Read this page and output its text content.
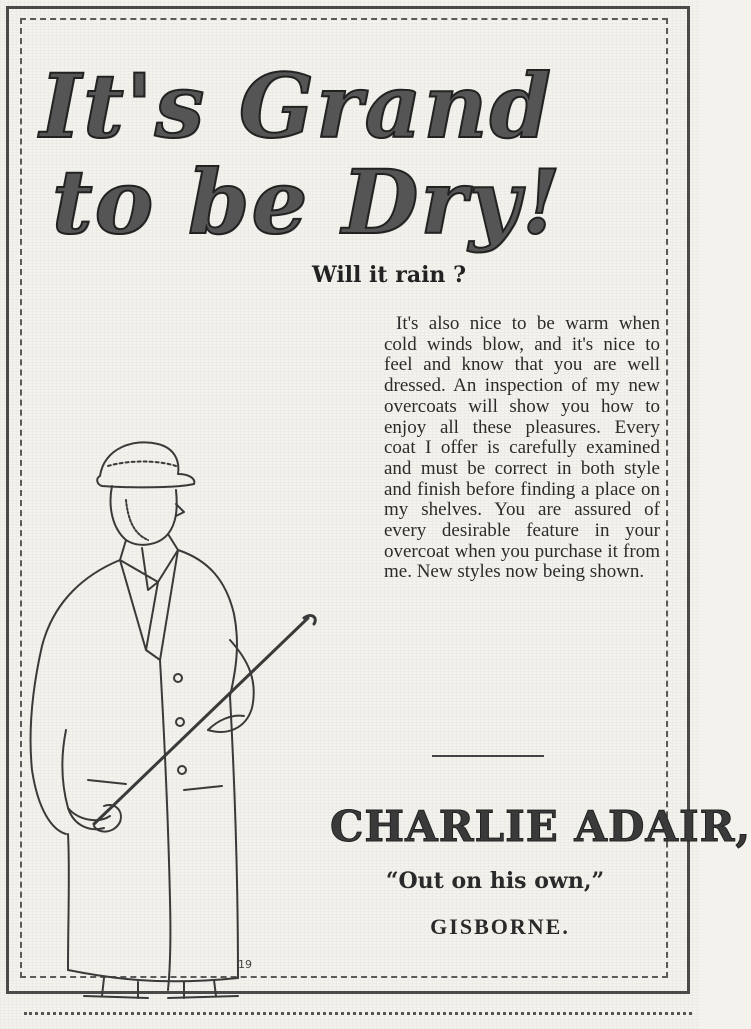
It's Grand
to be Dry!
Will it rain ?
It's also nice to be warm when cold winds blow, and it's nice to feel and know that you are well dressed. An inspection of my new overcoats will show you how to enjoy all these pleasures. Every coat I offer is carefully examined and must be correct in both style and finish before finding a place on my shelves. You are assured of every desirable feature in your overcoat when you purchase it from me. New styles now being shown.
CHARLIE ADAIR,
“Out on his own,”
GISBORNE.
19
